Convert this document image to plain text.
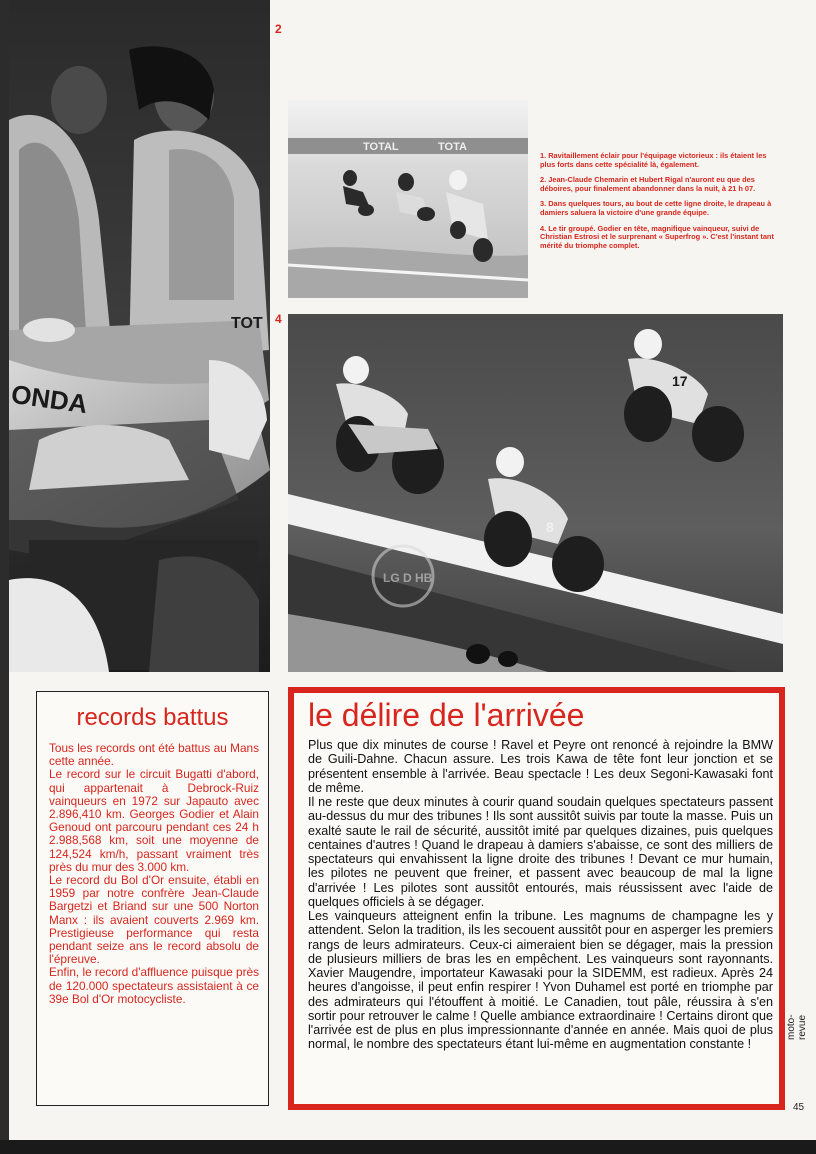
TOT
ONDA
2
TOTAL	TOTA

1. Ravitaillement éclair pour l'équipage victorieux : ils étaient les plus forts dans cette spécialité là, également.

2. Jean-Claude Chemarin et Hubert Rigal n'auront eu que des déboires, pour finalement abandonner dans la nuit, à 21 h 07.

3. Dans quelques tours, au bout de cette ligne droite, le drapeau à damiers saluera la victoire d'une grande équipe.

4. Le tir groupé. Godier en tête, magnifique vainqueur, suivi de Christian Estrosi et le surprenant « Superfrog ». C'est l'instant tant mérité du triomphe complet.

4
17
8
LG D HB
records battus

Tous les records ont été battus au Mans cette année.

Le record sur le circuit Bugatti d'abord, qui appartenait à Debrock-Ruiz vainqueurs en 1972 sur Japauto avec 2.896,410 km. Georges Godier et Alain Genoud ont parcouru pendant ces 24 h 2.988,568 km, soit une moyenne de 124,524 km/h, passant vraiment très près du mur des 3.000 km.

Le record du Bol d'Or ensuite, établi en 1959 par notre confrère Jean-Claude Bargetzi et Briand sur une 500 Norton Manx : ils avaient couverts 2.969 km. Prestigieuse performance qui resta pendant seize ans le record absolu de l'épreuve.

Enfin, le record d'affluence puisque près de 120.000 spectateurs assistaient à ce 39e Bol d'Or motocycliste.

le délire de l'arrivée

Plus que dix minutes de course ! Ravel et Peyre ont renoncé à rejoindre la BMW de Guili-Dahne. Chacun assure. Les trois Kawa de tête font leur jonction et se présentent ensemble à l'arrivée. Beau spectacle ! Les deux Segoni-Kawasaki font de même.

Il ne reste que deux minutes à courir quand soudain quelques spectateurs passent au-dessus du mur des tribunes ! Ils sont aussitôt suivis par toute la masse. Puis un exalté saute le rail de sécurité, aussitôt imité par quelques dizaines, puis quelques centaines d'autres ! Quand le drapeau à damiers s'abaisse, ce sont des milliers de spectateurs qui envahissent la ligne droite des tribunes ! Devant ce mur humain, les pilotes ne peuvent que freiner, et passent avec beaucoup de mal la ligne d'arrivée ! Les pilotes sont aussitôt entourés, mais réussissent avec l'aide de quelques officiels à se dégager.

Les vainqueurs atteignent enfin la tribune. Les magnums de champagne les y attendent. Selon la tradition, ils les secouent aussitôt pour en asperger les premiers rangs de leurs admirateurs. Ceux-ci aimeraient bien se dégager, mais la pression de plusieurs milliers de bras les en empêchent. Les vainqueurs sont rayonnants. Xavier Maugendre, importateur Kawasaki pour la SIDEMM, est radieux. Après 24 heures d'angoisse, il peut enfin respirer ! Yvon Duhamel est porté en triomphe par des admirateurs qui l'étouffent à moitié. Le Canadien, tout pâle, réussira à s'en sortir pour retrouver le calme ! Quelle ambiance extraordinaire ! Certains diront que l'arrivée est de plus en plus impressionnante d'année en année. Mais quoi de plus normal, le nombre des spectateurs étant lui-même en augmentation constante !

moto-revue
45
